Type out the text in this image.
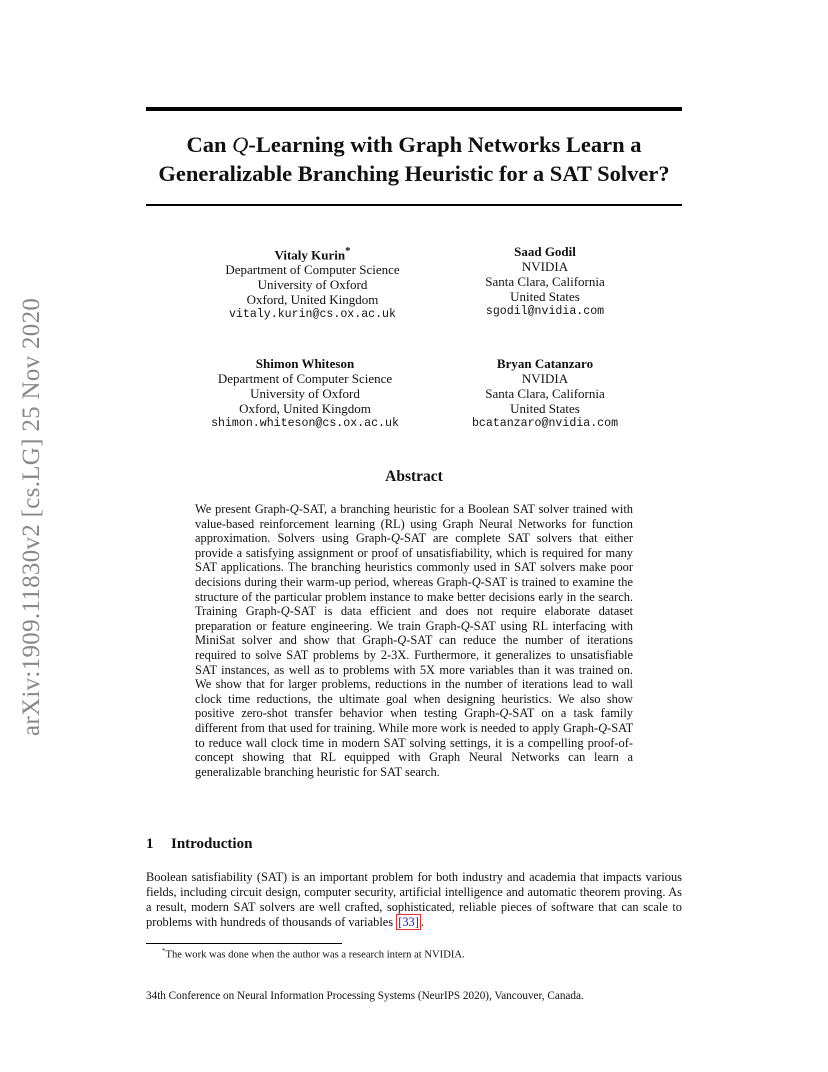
Can Q-Learning with Graph Networks Learn a
Generalizable Branching Heuristic for a SAT Solver?
arXiv:1909.11830v2 [cs.LG] 25 Nov 2020
Vitaly Kurin*
Department of Computer Science
University of Oxford
Oxford, United Kingdom
vitaly.kurin@cs.ox.ac.uk
Saad Godil
NVIDIA
Santa Clara, California
United States
sgodil@nvidia.com
Shimon Whiteson
Department of Computer Science
University of Oxford
Oxford, United Kingdom
shimon.whiteson@cs.ox.ac.uk
Bryan Catanzaro
NVIDIA
Santa Clara, California
United States
bcatanzaro@nvidia.com
Abstract
We present Graph-Q-SAT, a branching heuristic for a Boolean SAT solver trained with value-based reinforcement learning (RL) using Graph Neural Networks for function approximation. Solvers using Graph-Q-SAT are complete SAT solvers that either provide a satisfying assignment or proof of unsatisfiability, which is required for many SAT applications. The branching heuristics commonly used in SAT solvers make poor decisions during their warm-up period, whereas Graph-Q-SAT is trained to examine the structure of the particular problem instance to make better decisions early in the search. Training Graph-Q-SAT is data efficient and does not require elaborate dataset preparation or feature engineering. We train Graph-Q-SAT using RL interfacing with MiniSat solver and show that Graph-Q-SAT can reduce the number of iterations required to solve SAT problems by 2-3X. Furthermore, it generalizes to unsatisfiable SAT instances, as well as to problems with 5X more variables than it was trained on. We show that for larger problems, reductions in the number of iterations lead to wall clock time reductions, the ultimate goal when designing heuristics. We also show positive zero-shot transfer behavior when testing Graph-Q-SAT on a task family different from that used for training. While more work is needed to apply Graph-Q-SAT to reduce wall clock time in modern SAT solving settings, it is a compelling proof-of-concept showing that RL equipped with Graph Neural Networks can learn a generalizable branching heuristic for SAT search.
1 Introduction
Boolean satisfiability (SAT) is an important problem for both industry and academia that impacts various fields, including circuit design, computer security, artificial intelligence and automatic theorem proving. As a result, modern SAT solvers are well crafted, sophisticated, reliable pieces of software that can scale to problems with hundreds of thousands of variables [33] .
*The work was done when the author was a research intern at NVIDIA.
34th Conference on Neural Information Processing Systems (NeurIPS 2020), Vancouver, Canada.
